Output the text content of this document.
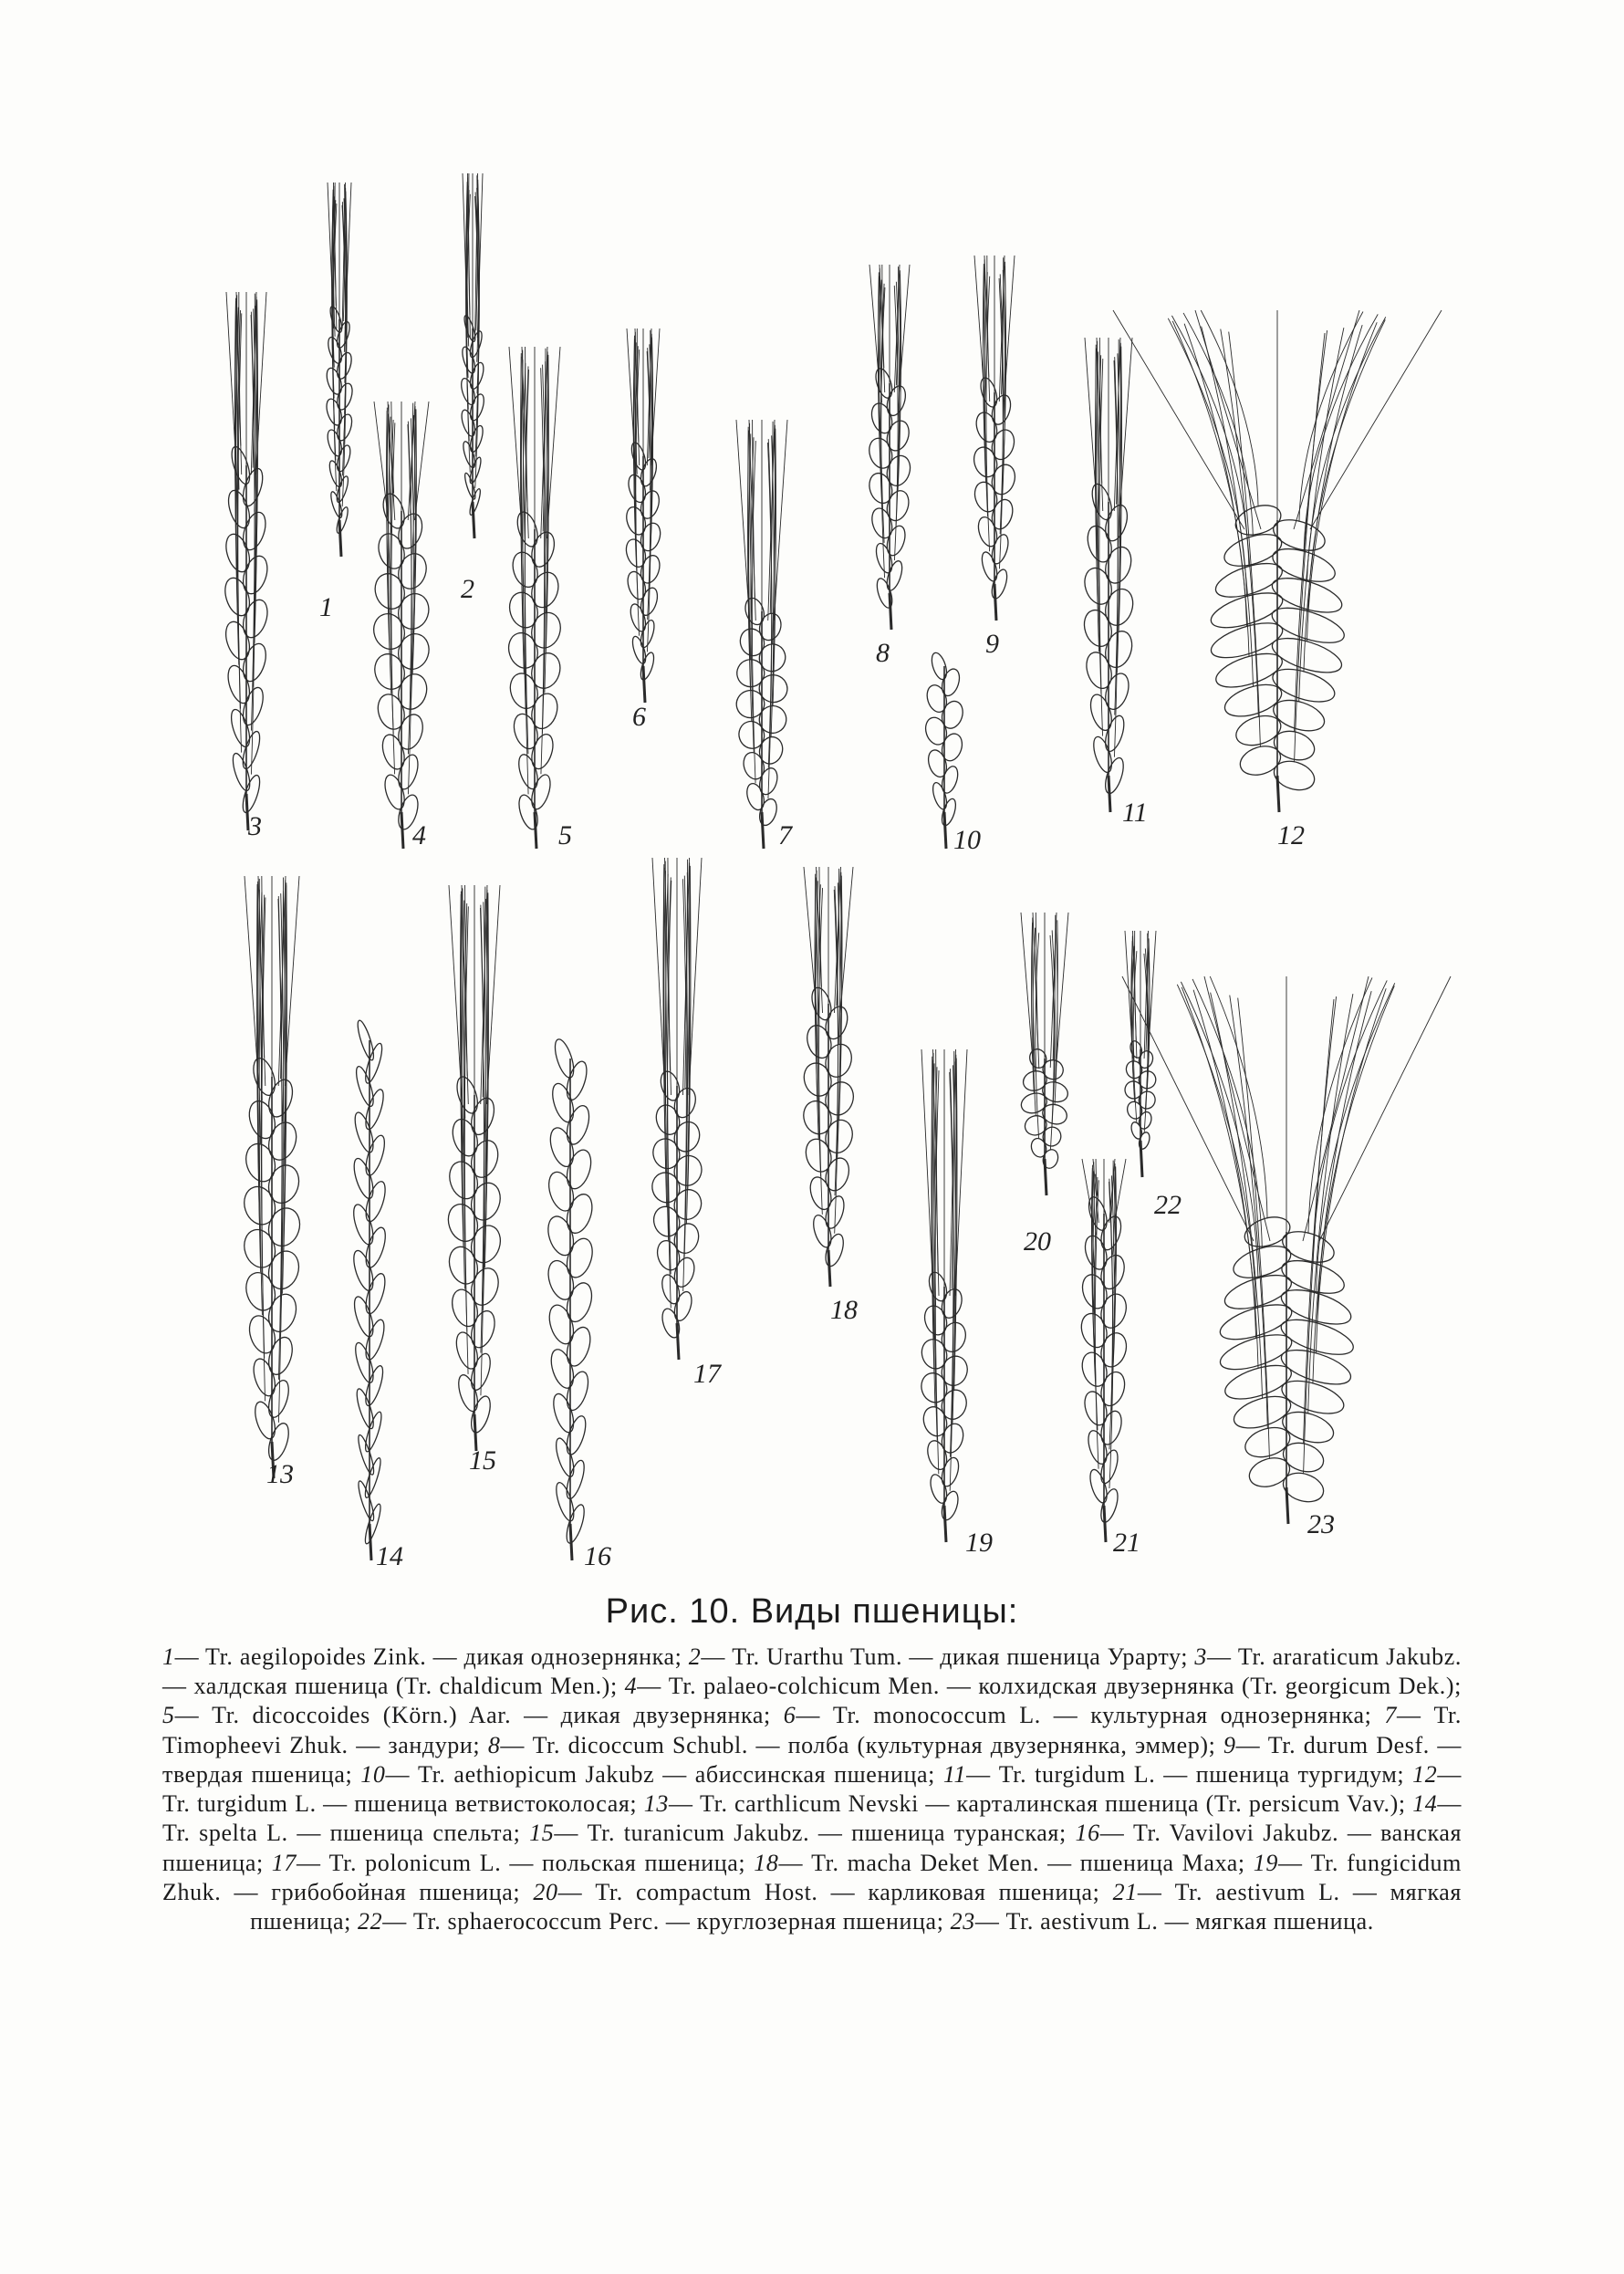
1
2
3	4	5
6
7
8	9
10
11
12
13
14
15
16
17
18
19
20
21
22
23
Рис. 10. Виды пшеницы:
1— Tr. aegilopoides Zink. — дикая однозернянка; 2— Tr. Urarthu Tum. — дикая пшеница Урарту; 3— Tr. araraticum Jakubz. — халдская пшеница (Tr. chaldicum Men.); 4— Tr. palaeo-colchicum Men. — колхидская двузернянка (Tr. georgicum Dek.); 5— Tr. dicoccoides (Körn.) Aar. — дикая двузернянка; 6— Tr. monococcum L. — культурная однозернянка; 7— Tr. Timopheevi Zhuk. — зандури; 8— Tr. dicoccum Schubl. — полба (культурная двузернянка, эммер); 9— Tr. durum Desf. — твердая пшеница; 10— Tr. aethiopicum Jakubz — абиссинская пшеница; 11— Tr. turgidum L. — пшеница тургидум; 12— Tr. turgidum L. — пшеница ветвистоколосая; 13— Tr. carthlicum Nevski — карталинская пшеница (Tr. persicum Vav.); 14— Tr. spelta L. — пшеница спельта; 15— Tr. turanicum Jakubz. — пшеница туранская; 16— Tr. Vavilovi Jakubz. — ванская пшеница; 17— Tr. polonicum L. — польская пшеница; 18— Tr. macha Deket Men. — пшеница Маха; 19— Tr. fungicidum Zhuk. — грибобойная пшеница; 20— Tr. compactum Host. — карликовая пшеница; 21— Tr. aestivum L. — мягкая пшеница; 22— Tr. sphaerococcum Perc. — круглозерная пшеница; 23— Tr. aestivum L. — мягкая пшеница.
